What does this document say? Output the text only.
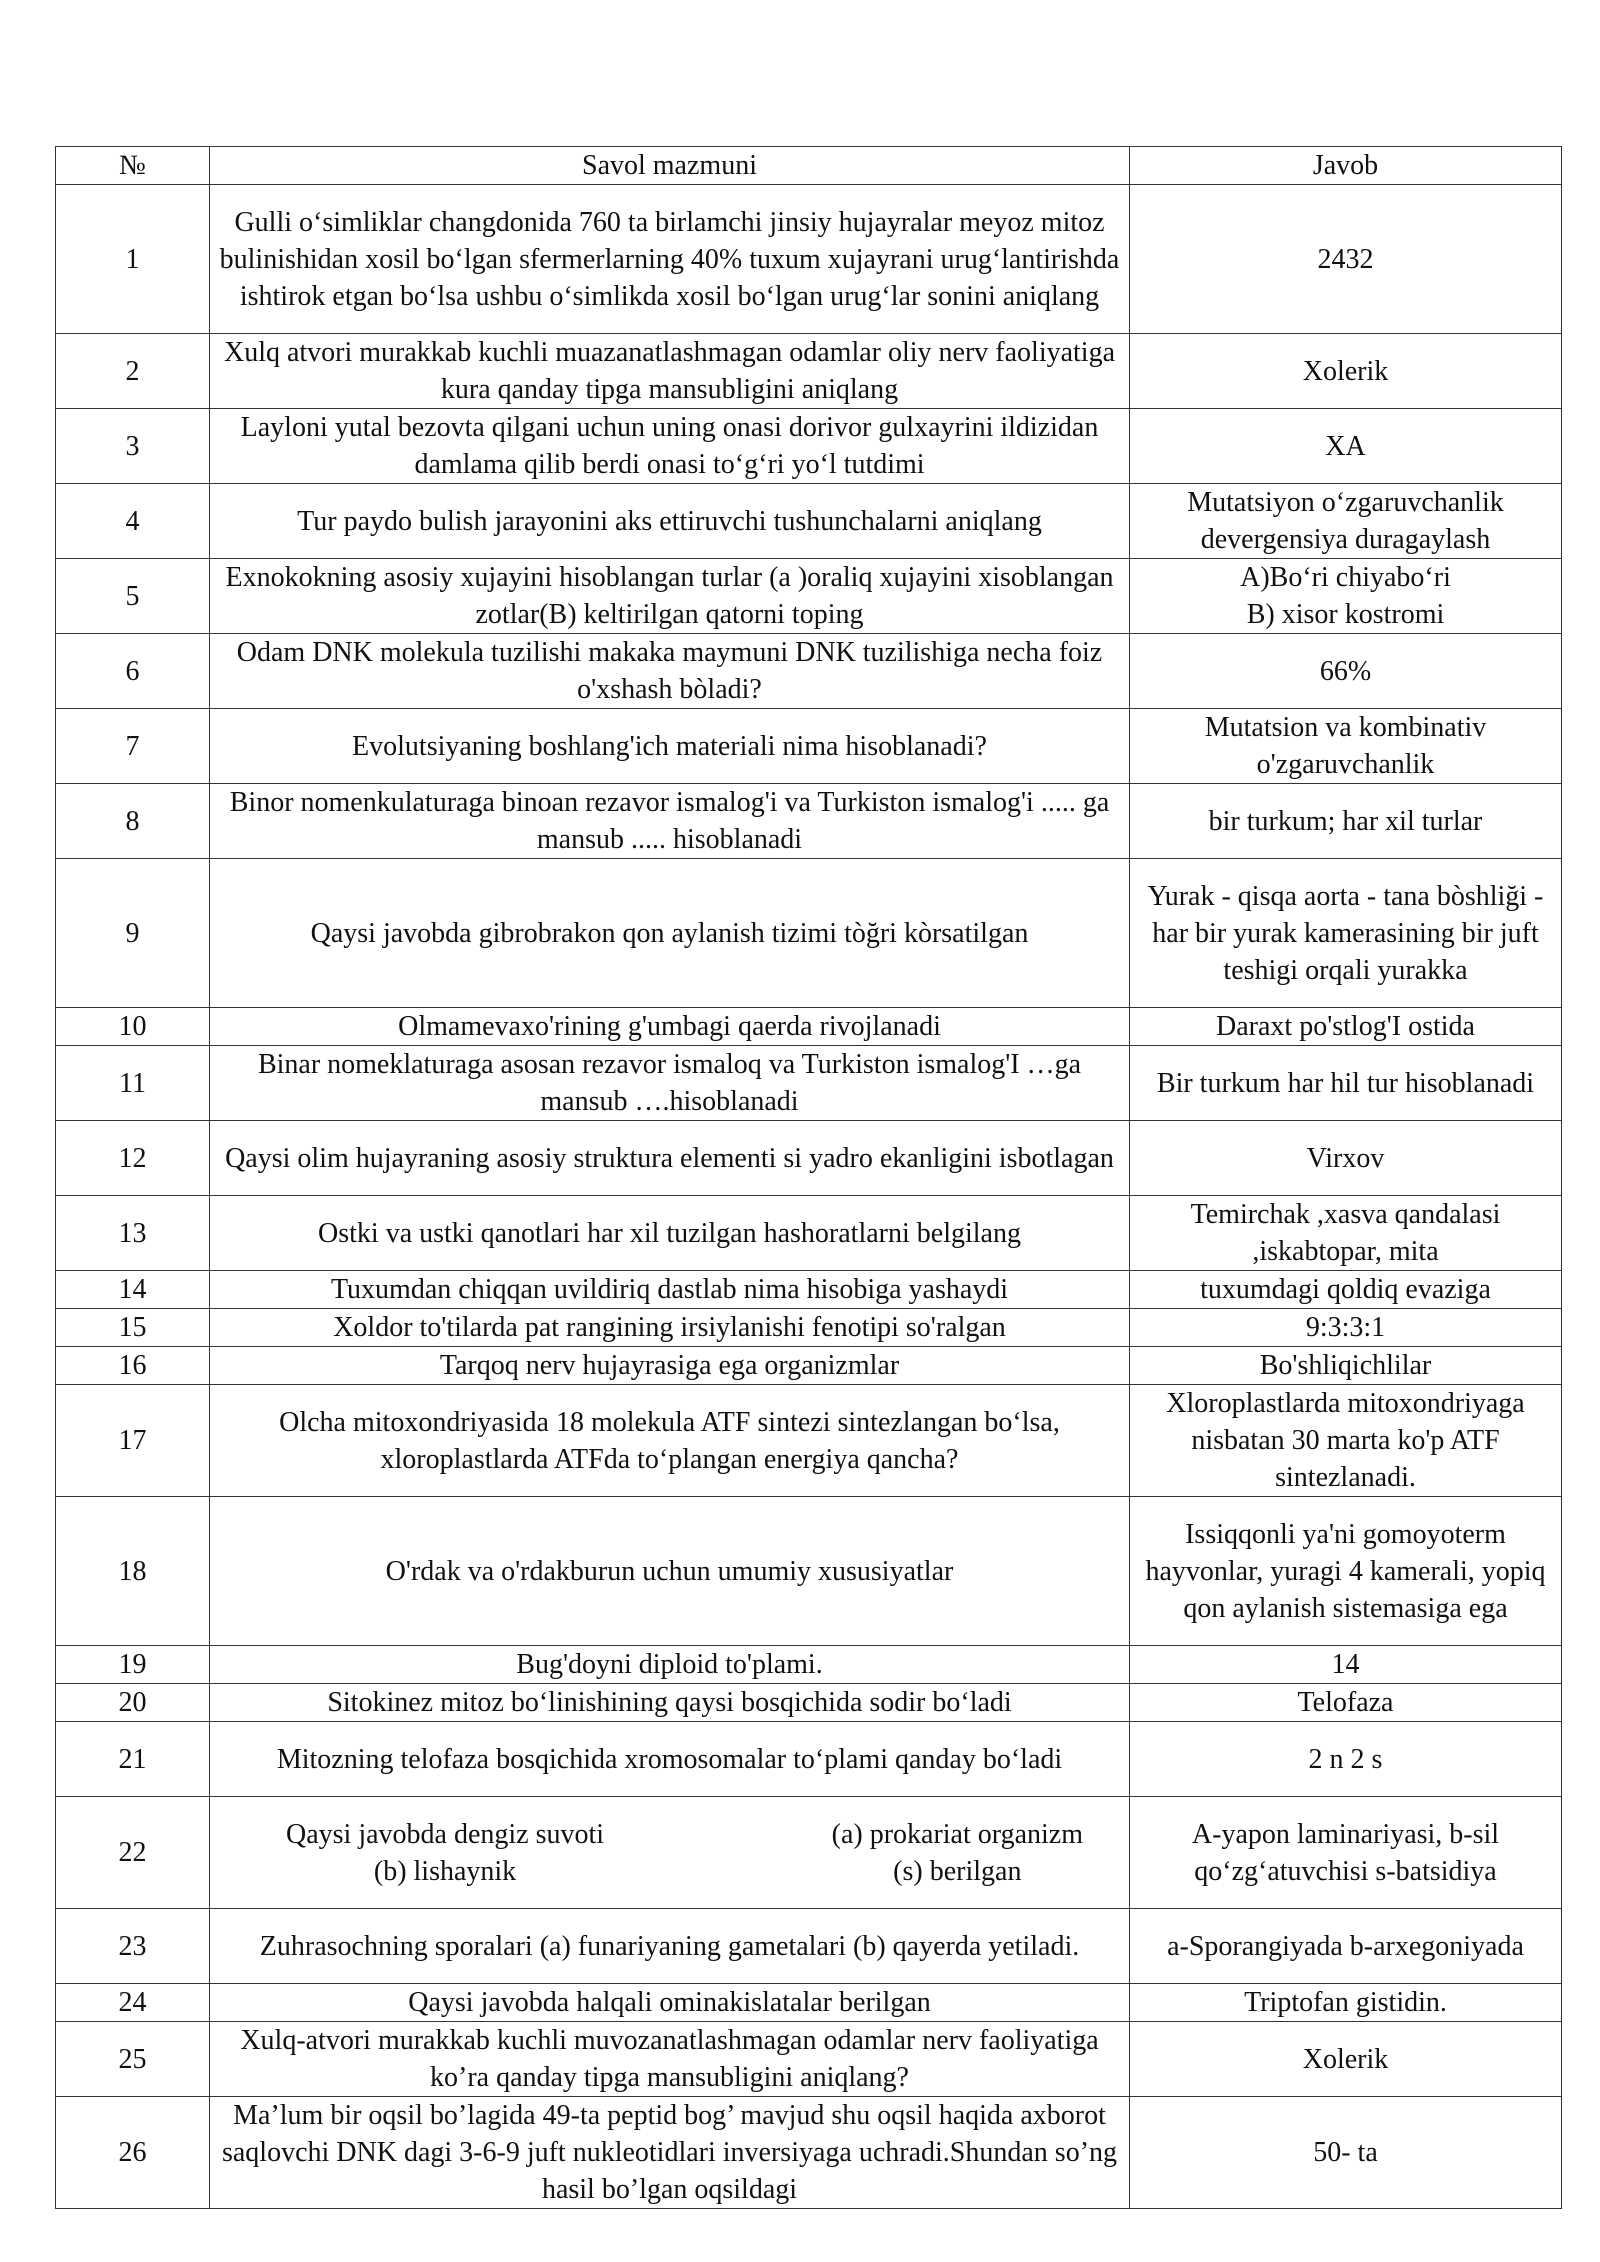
№	Savol mazmuni	Javob
1	Gulli o‘simliklar changdonida 760 ta birlamchi jinsiy hujayralar meyoz mitoz bulinishidan xosil bo‘lgan sfermerlarning 40% tuxum xujayrani urug‘lantirishda ishtirok etgan bo‘lsa ushbu o‘simlikda xosil bo‘lgan urug‘lar sonini aniqlang	2432
2	Xulq atvori murakkab kuchli muazanatlashmagan odamlar oliy nerv faoliyatiga kura qanday tipga mansubligini aniqlang	Xolerik
3	Layloni yutal bezovta qilgani uchun uning onasi dorivor gulxayrini ildizidan damlama qilib berdi onasi to‘g‘ri yo‘l tutdimi	XA
4	Tur paydo bulish jarayonini aks ettiruvchi tushunchalarni aniqlang	Mutatsiyon o‘zgaruvchanlik devergensiya duragaylash
5	Exnokokning asosiy xujayini hisoblangan turlar (a )oraliq xujayini xisoblangan zotlar(B) keltirilgan qatorni toping	A)Bo‘ri chiyabo‘ri
B) xisor kostromi
6	Odam DNK molekula tuzilishi makaka maymuni DNK tuzilishiga necha foiz o'xshash bòladi?	66%
7	Evolutsiyaning boshlang'ich materiali nima hisoblanadi?	Mutatsion va kombinativ o'zgaruvchanlik
8	Binor nomenkulaturaga binoan rezavor ismalog'i va Turkiston ismalog'i ..... ga mansub ..... hisoblanadi	bir turkum; har xil turlar
9	Qaysi javobda gibrobrakon qon aylanish tizimi tòğri kòrsatilgan	Yurak - qisqa aorta - tana bòshliği - har bir yurak kamerasining bir juft teshigi orqali yurakka
10	Olmamevaxo'rining g'umbagi qaerda rivojlanadi	Daraxt po'stlog'I ostida
11	Binar nomeklaturaga asosan rezavor ismaloq va Turkiston ismalog'I …ga mansub ….hisoblanadi	Bir turkum har hil tur hisoblanadi
12	Qaysi olim hujayraning asosiy struktura elementi si yadro ekanligini isbotlagan	Virxov
13	Ostki va ustki qanotlari har xil tuzilgan hashoratlarni belgilang	Temirchak ,xasva qandalasi ,iskabtopar, mita
14	Tuxumdan chiqqan uvildiriq dastlab nima hisobiga yashaydi	tuxumdagi qoldiq evaziga
15	Xoldor to'tilarda pat rangining irsiylanishi fenotipi so'ralgan	9:3:3:1
16	Tarqoq nerv hujayrasiga ega organizmlar	Bo'shliqichlilar
17	Olcha mitoxondriyasida 18 molekula ATF sintezi sintezlangan bo‘lsa, xloroplastlarda ATFda to‘plangan energiya qancha?	Xloroplastlarda mitoxondriyaga nisbatan 30 marta ko'p ATF sintezlanadi.
18	O'rdak va o'rdakburun uchun umumiy xususiyatlar	Issiqqonli ya'ni gomoyoterm hayvonlar, yuragi 4 kamerali, yopiq qon aylanish sistemasiga ega
19	Bug'doyni diploid to'plami.	14
20	Sitokinez mitoz bo‘linishining qaysi bosqichida sodir bo‘ladi	Telofaza
21	Mitozning telofaza bosqichida xromosomalar to‘plami qanday bo‘ladi	2 n 2 s
22	Qaysi javobda dengiz suvoti
(b) lishaynik
(a) prokariat organizm
(s) berilgan	A-yapon laminariyasi, b-sil qo‘zg‘atuvchisi s-batsidiya
23	Zuhrasochning sporalari (a) funariyaning gametalari (b) qayerda yetiladi.	a-Sporangiyada b-arxegoniyada
24	Qaysi javobda halqali ominakislatalar berilgan	Triptofan gistidin.
25	Xulq-atvori murakkab kuchli muvozanatlashmagan odamlar nerv faoliyatiga ko’ra qanday tipga mansubligini aniqlang?	Xolerik
26	Ma’lum bir oqsil bo’lagida 49-ta peptid bog’ mavjud shu oqsil haqida axborot saqlovchi DNK dagi 3-6-9 juft nukleotidlari inversiyaga uchradi.Shundan so’ng hasil bo’lgan oqsildagi	50- ta
